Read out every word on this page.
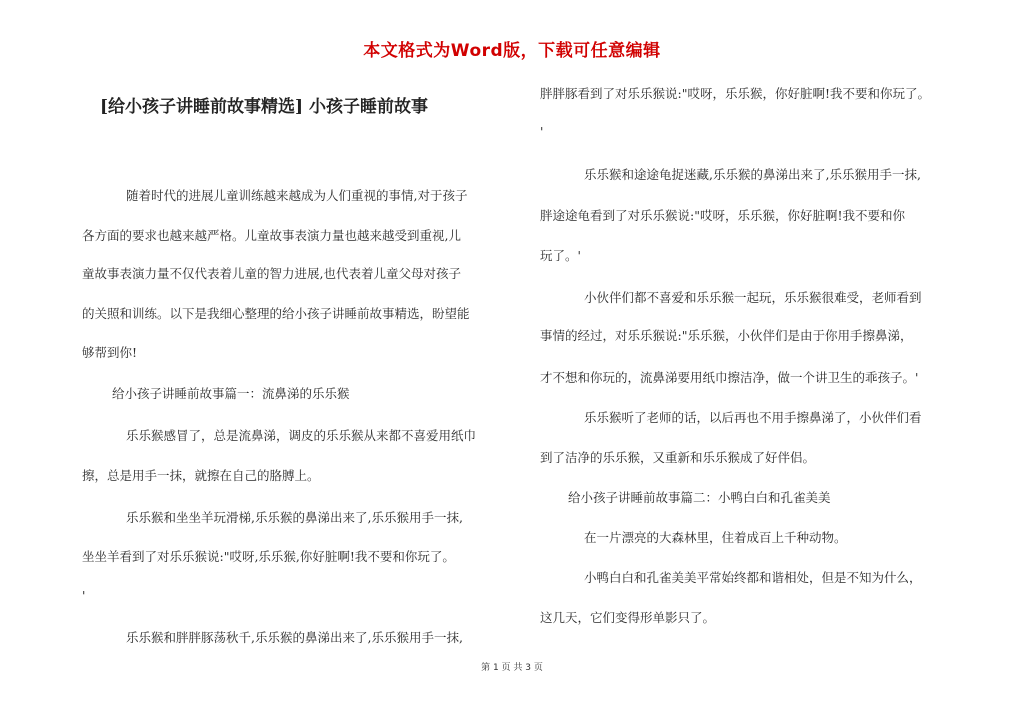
本文格式为Word版，下载可任意编辑
[给小孩子讲睡前故事精选] 小孩子睡前故事
随着时代的进展儿童训练越来越成为人们重视的事情,对于孩子
各方面的要求也越来越严格。儿童故事表演力量也越来越受到重视,儿
童故事表演力量不仅代表着儿童的智力进展,也代表着儿童父母对孩子
的关照和训练。以下是我细心整理的给小孩子讲睡前故事精选，盼望能
够帮到你!
给小孩子讲睡前故事篇一：流鼻涕的乐乐猴
乐乐猴感冒了，总是流鼻涕，调皮的乐乐猴从来都不喜爱用纸巾
擦，总是用手一抹，就擦在自己的胳膊上。
乐乐猴和坐坐羊玩滑梯,乐乐猴的鼻涕出来了,乐乐猴用手一抹,
坐坐羊看到了对乐乐猴说:"哎呀,乐乐猴,你好脏啊!我不要和你玩了。
'
乐乐猴和胖胖豚荡秋千,乐乐猴的鼻涕出来了,乐乐猴用手一抹,
胖胖豚看到了对乐乐猴说:"哎呀，乐乐猴，你好脏啊!我不要和你玩了。
'
乐乐猴和途途龟捉迷藏,乐乐猴的鼻涕出来了,乐乐猴用手一抹,
胖途途龟看到了对乐乐猴说:"哎呀，乐乐猴，你好脏啊!我不要和你
玩了。'
小伙伴们都不喜爱和乐乐猴一起玩，乐乐猴很难受，老师看到
事情的经过，对乐乐猴说:"乐乐猴，小伙伴们是由于你用手擦鼻涕，
才不想和你玩的，流鼻涕要用纸巾擦洁净，做一个讲卫生的乖孩子。'
乐乐猴听了老师的话，以后再也不用手擦鼻涕了，小伙伴们看
到了洁净的乐乐猴，又重新和乐乐猴成了好伴侣。
给小孩子讲睡前故事篇二：小鸭白白和孔雀美美
在一片漂亮的大森林里，住着成百上千种动物。
小鸭白白和孔雀美美平常始终都和谐相处，但是不知为什么，
这几天，它们变得形单影只了。
第 1 页 共 3 页
